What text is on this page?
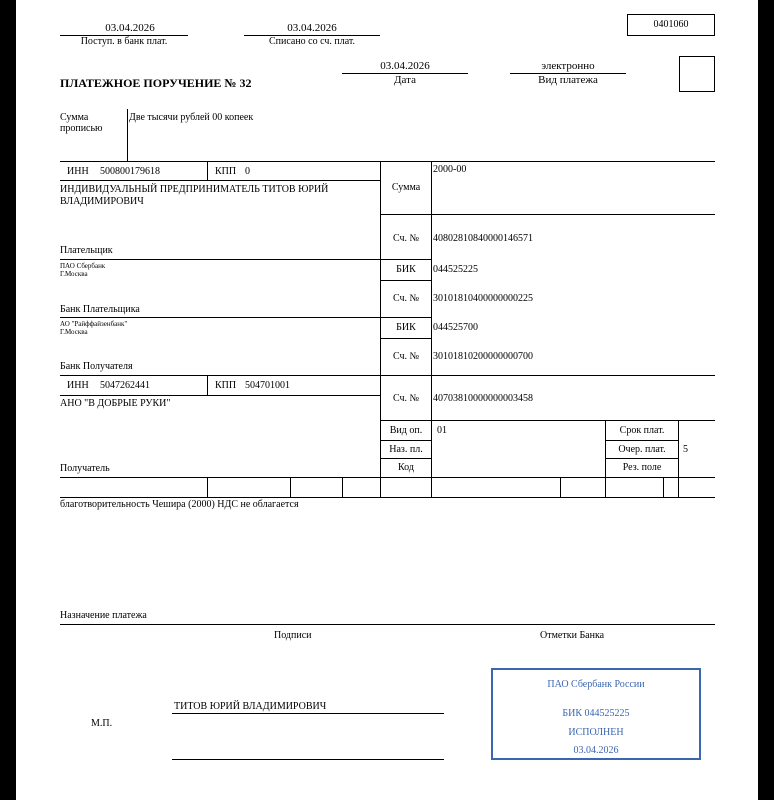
03.04.2026
Поступ. в банк плат.
03.04.2026
Списано со сч. плат.
0401060
ПЛАТЕЖНОЕ ПОРУЧЕНИЕ № 32
03.04.2026
Дата
электронно
Вид платежа
Сумма
прописью
Две тысячи рублей 00 копеек
ИНН 500800179618	КПП 0
ИНДИВИДУАЛЬНЫЙ ПРЕДПРИНИМАТЕЛЬ ТИТОВ ЮРИЙ
ВЛАДИМИРОВИЧ
Плательщик
Сумма
2000-00
Сч. №	40802810840000146571
ПАО Сбербанк
Г.Москва
Банк Плательщика
БИК	044525225
Сч. №	30101810400000000225
АО "Райффайзенбанк"
Г.Москва
Банк Получателя
БИК	044525700
Сч. №	30101810200000000700
ИНН 5047262441	КПП 504701001
АНО "В ДОБРЫЕ РУКИ"
Получатель
Сч. №	40703810000000003458
Вид оп.	01
Наз. пл.
Код
Срок плат.
Очер. плат.	5
Рез. поле
благотворительность Чешира (2000) НДС не облагается
Назначение платежа
Подписи	Отметки Банка
М.П.
ТИТОВ ЮРИЙ ВЛАДИМИРОВИЧ
ПАО Сбербанк России
БИК 044525225
ИСПОЛНЕН
03.04.2026
